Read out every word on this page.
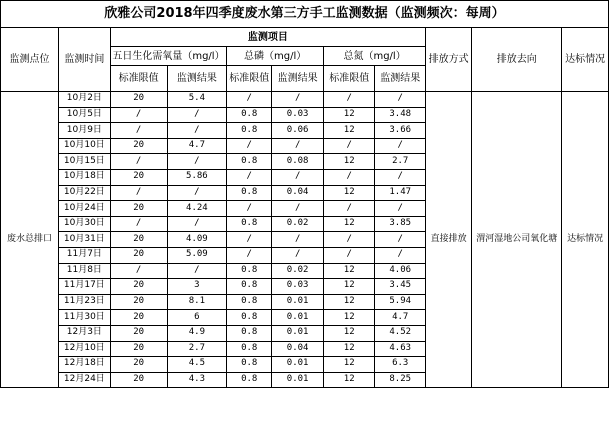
欣雅公司2018年四季度废水第三方手工监测数据（监测频次：每周）										
监测点位	监测时间	监测项目						排放方式	排放去向	达标情况
		五日生化需氧量（mg/l）		总磷（mg/l）		总氮（mg/l）				
		标准限值	监测结果	标准限值	监测结果	标准限值	监测结果			
废水总排口	10月2日	20	5.4	/	/	/	/	直接排放	渭河湿地公司氧化塘	达标情况
	10月5日	/	/	0.8	0.03	12	3.48			
	10月9日	/	/	0.8	0.06	12	3.66			
	10月10日	20	4.7	/	/	/	/			
	10月15日	/	/	0.8	0.08	12	2.7			
	10月18日	20	5.86	/	/	/	/			
	10月22日	/	/	0.8	0.04	12	1.47			
	10月24日	20	4.24	/	/	/	/			
	10月30日	/	/	0.8	0.02	12	3.85			
	10月31日	20	4.09	/	/	/	/			
	11月7日	20	5.09	/	/	/	/			
	11月8日	/	/	0.8	0.02	12	4.06			
	11月17日	20	3	0.8	0.03	12	3.45			
	11月23日	20	8.1	0.8	0.01	12	5.94			
	11月30日	20	6	0.8	0.01	12	4.7			
	12月3日	20	4.9	0.8	0.01	12	4.52			
	12月10日	20	2.7	0.8	0.04	12	4.63			
	12月18日	20	4.5	0.8	0.01	12	6.3			
	12月24日	20	4.3	0.8	0.01	12	8.25			
